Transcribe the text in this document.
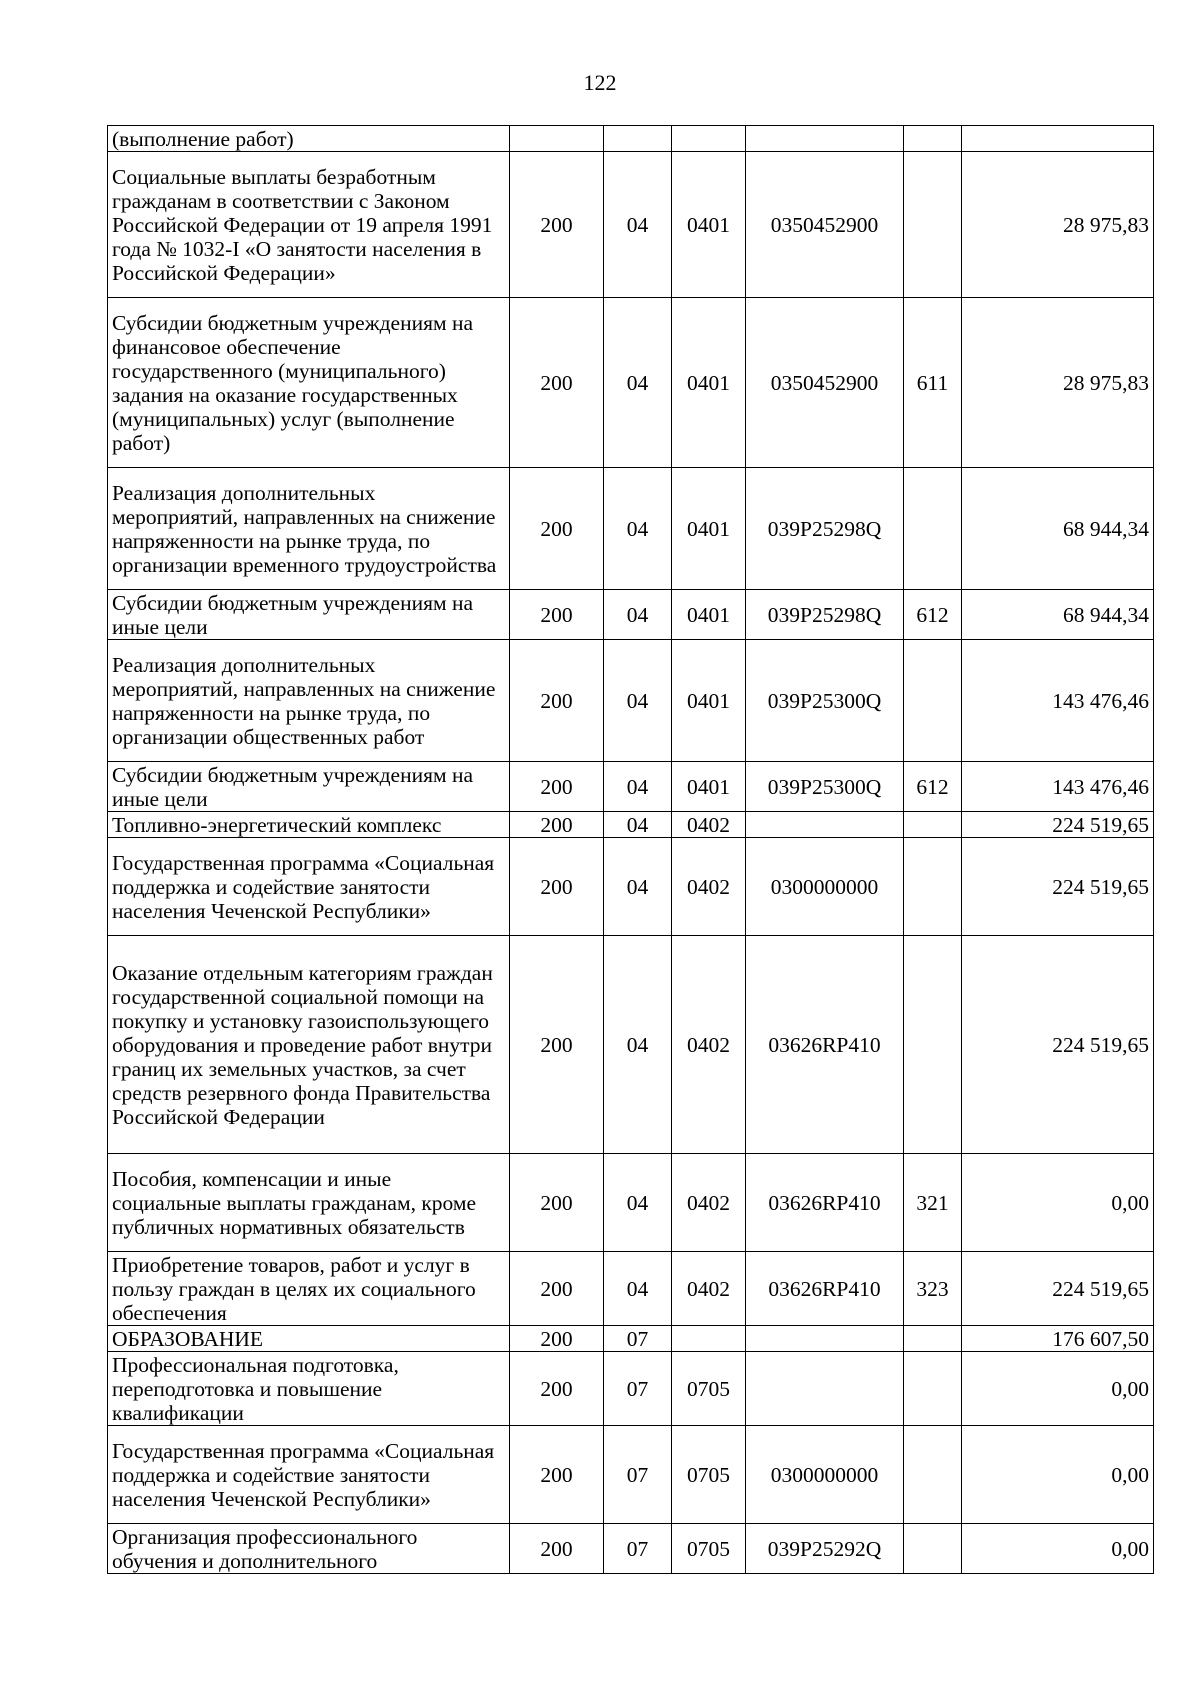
122
(выполнение работ)						
Социальные выплаты безработным гражданам в соответствии с Законом Российской Федерации от 19 апреля 1991 года № 1032-I «О занятости населения в Российской Федерации»	200	04	0401	0350452900		28 975,83
Субсидии бюджетным учреждениям на финансовое обеспечение государственного (муниципального) задания на оказание государственных (муниципальных) услуг (выполнение работ)	200	04	0401	0350452900	611	28 975,83
Реализация дополнительных мероприятий, направленных на снижение напряженности на рынке труда, по организации временного трудоустройства	200	04	0401	039P25298Q		68 944,34
Субсидии бюджетным учреждениям на иные цели	200	04	0401	039P25298Q	612	68 944,34
Реализация дополнительных мероприятий, направленных на снижение напряженности на рынке труда, по организации общественных работ	200	04	0401	039P25300Q		143 476,46
Субсидии бюджетным учреждениям на иные цели	200	04	0401	039P25300Q	612	143 476,46
Топливно-энергетический комплекс	200	04	0402			224 519,65
Государственная программа «Социальная поддержка и содействие занятости населения Чеченской Республики»	200	04	0402	0300000000		224 519,65
Оказание отдельным категориям граждан государственной социальной помощи на покупку и установку газоиспользующего оборудования и проведение работ внутри границ их земельных участков, за счет средств резервного фонда Правительства Российской Федерации	200	04	0402	03626RP410		224 519,65
Пособия, компенсации и иные социальные выплаты гражданам, кроме публичных нормативных обязательств	200	04	0402	03626RP410	321	0,00
Приобретение товаров, работ и услуг в пользу граждан в целях их социального обеспечения	200	04	0402	03626RP410	323	224 519,65
ОБРАЗОВАНИЕ	200	07				176 607,50
Профессиональная подготовка, переподготовка и повышение квалификации	200	07	0705			0,00
Государственная программа «Социальная поддержка и содействие занятости населения Чеченской Республики»	200	07	0705	0300000000		0,00
Организация профессионального обучения и дополнительного	200	07	0705	039P25292Q		0,00
